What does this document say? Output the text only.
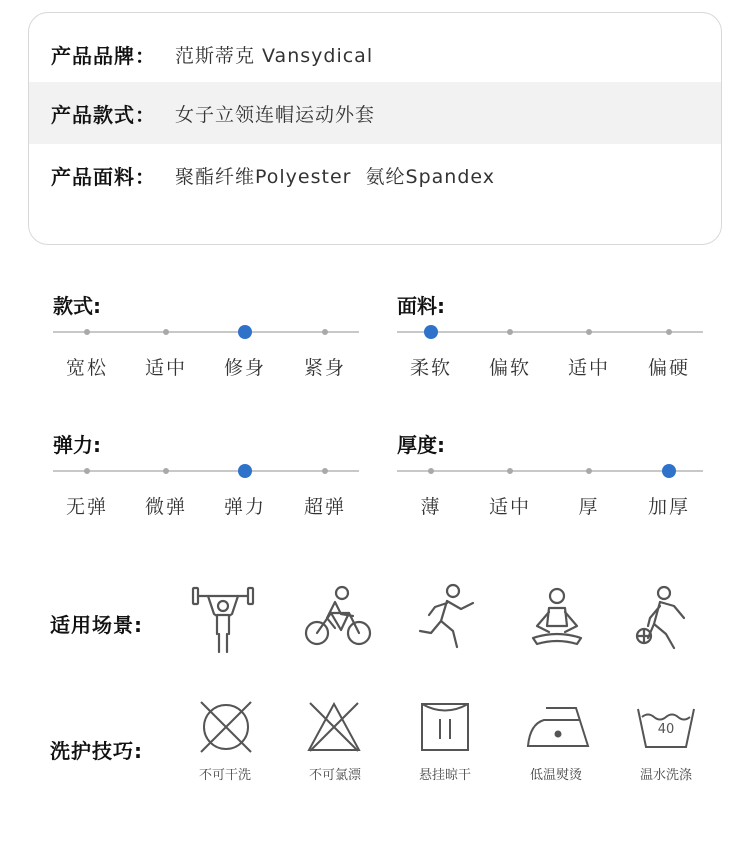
产品品牌：	范斯蒂克 Vansydical
产品款式：	女子立领连帽运动外套
产品面料：	聚酯纤维Polyester  氨纶Spandex
款式:
宽松	适中	修身	紧身
面料:
柔软	偏软	适中	偏硬
弹力:
无弹	微弹	弹力	超弹
厚度:
薄	适中	厚	加厚
适用场景:
洗护技巧:
不可干洗	不可氯漂	悬挂晾干	低温熨烫
40
温水洗涤
